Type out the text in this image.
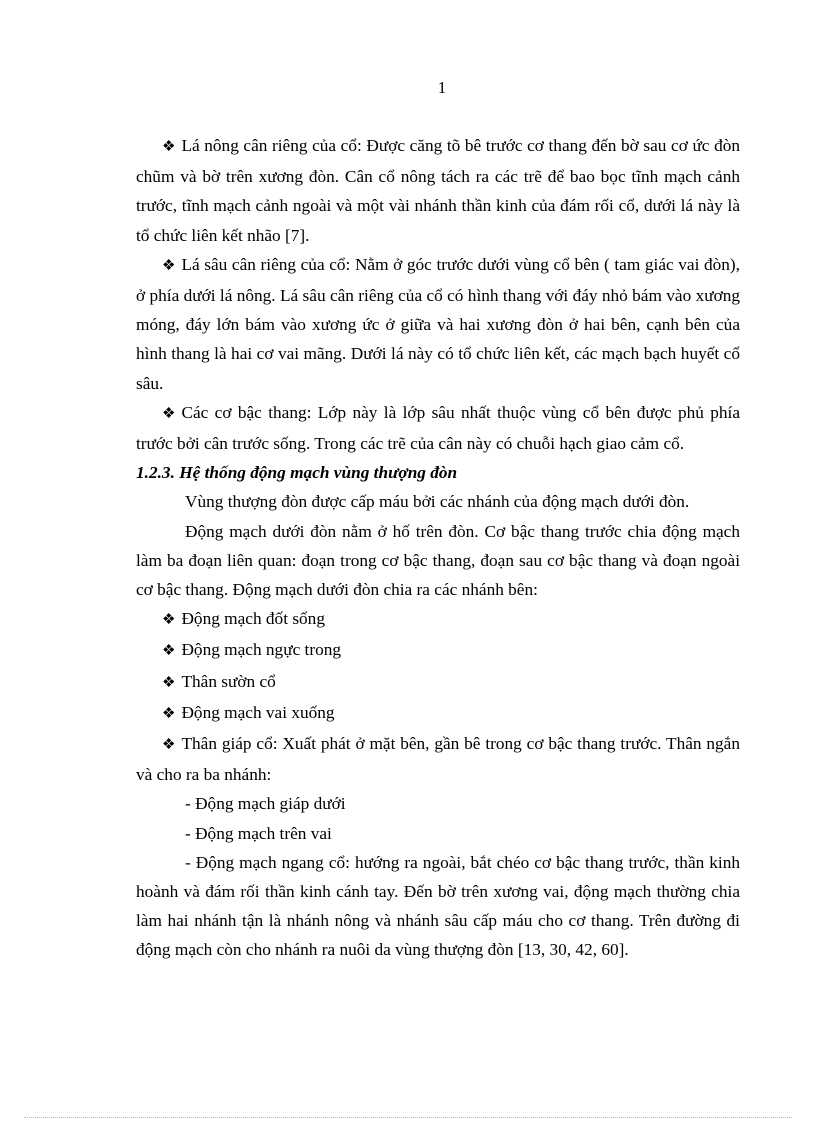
1

❖ Lá nông cân riêng của cổ: Được căng tõ bê trước cơ thang đến bờ sau cơ ức đòn chũm và bờ trên xương đòn. Cân cổ nông tách ra các trẽ để bao bọc tĩnh mạch cảnh trước, tĩnh mạch cảnh ngoài và một vài nhánh thần kinh của đám rối cổ, dưới lá này là tổ chức liên kết nhão [7].

❖ Lá sâu cân riêng của cổ: Nằm ở góc trước dưới vùng cổ bên ( tam giác vai đòn), ở phía dưới lá nông. Lá sâu cân riêng của cổ có hình thang với đáy nhỏ bám vào xương móng, đáy lớn bám vào xương ức ở giữa và hai xương đòn ở hai bên, cạnh bên của hình thang là hai cơ vai mãng. Dưới lá này có tổ chức liên kết, các mạch bạch huyết cổ sâu.

❖ Các cơ bậc thang: Lớp này là lớp sâu nhất thuộc vùng cổ bên được phủ phía trước bởi cân trước sống. Trong các trẽ của cân này có chuỗi hạch giao cảm cổ.

1.2.3. Hệ thống động mạch vùng thượng đòn

Vùng thượng đòn được cấp máu bởi các nhánh của động mạch dưới đòn.

Động mạch dưới đòn nằm ở hố trên đòn. Cơ bậc thang trước chia động mạch làm ba đoạn liên quan: đoạn trong cơ bậc thang, đoạn sau cơ bậc thang và đoạn ngoài cơ bậc thang. Động mạch dưới đòn chia ra các nhánh bên:

❖ Động mạch đốt sống

❖ Động mạch ngực trong

❖ Thân sườn cổ

❖ Động mạch vai xuống

❖ Thân giáp cổ: Xuất phát ở mặt bên, gần bê trong cơ bậc thang trước. Thân ngắn và cho ra ba nhánh:

- Động mạch giáp dưới

- Động mạch trên vai

- Động mạch ngang cổ: hướng ra ngoài, bắt chéo cơ bậc thang trước, thần kinh hoành và đám rối thần kinh cánh tay. Đến bờ trên xương vai, động mạch thường chia làm hai nhánh tận là nhánh nông và nhánh sâu cấp máu cho cơ thang. Trên đường đi động mạch còn cho nhánh ra nuôi da vùng thượng đòn [13, 30, 42, 60].
